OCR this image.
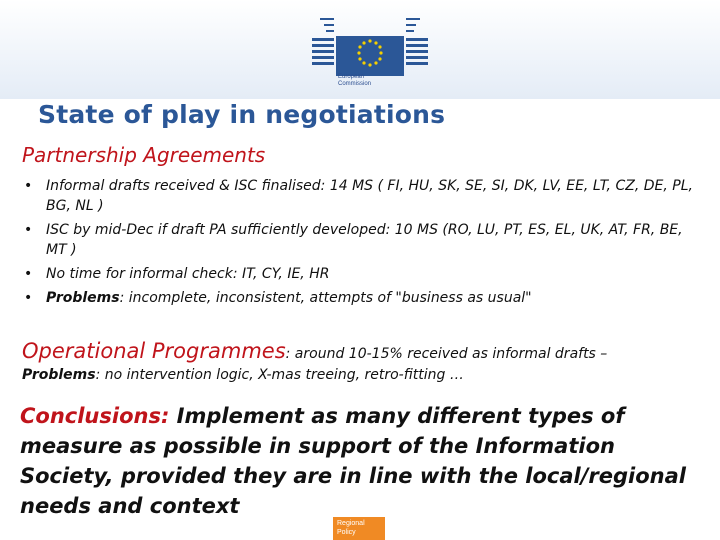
European
Commission
State of play in negotiations
Partnership Agreements
• Informal drafts received & ISC finalised: 14 MS ( FI, HU, SK, SE, SI, DK, LV, EE, LT, CZ, DE, PL, BG, NL )
• ISC by mid-Dec if draft PA sufficiently developed: 10 MS (RO, LU, PT, ES, EL, UK, AT, FR, BE, MT )
• No time for informal check: IT, CY, IE, HR
• Problems: incomplete, inconsistent, attempts of "business as usual"
Operational Programmes: around 10-15% received as informal drafts –
Problems: no intervention logic, X-mas treeing, retro-fitting …
Conclusions: Implement as many different types of measure as possible in support of the Information Society, provided they are in line with the local/regional needs and context
Regional
Policy
